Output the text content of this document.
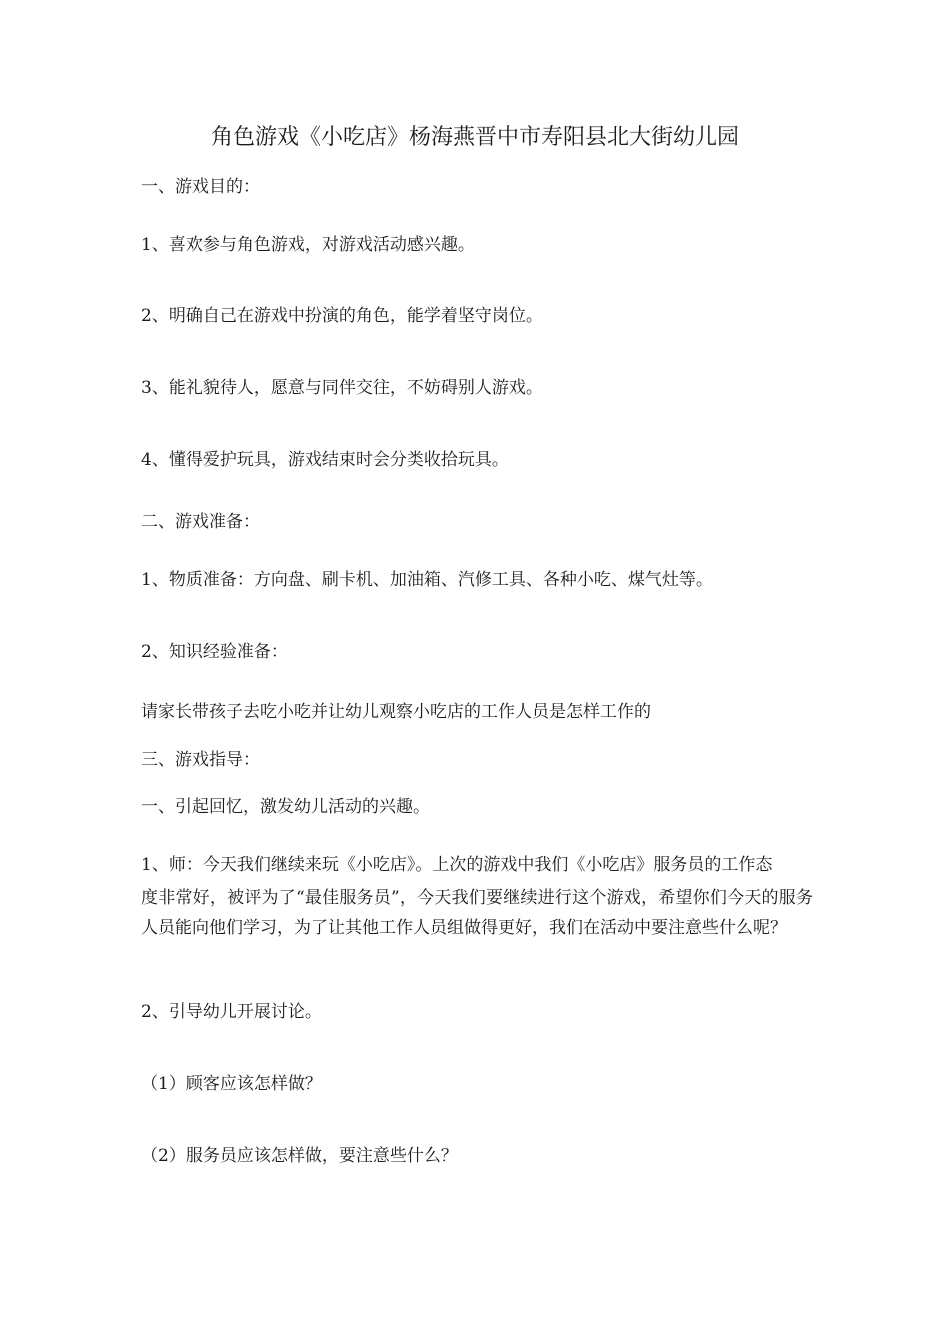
角色游戏《小吃店》杨海燕晋中市寿阳县北大街幼儿园
一、游戏目的：
1、喜欢参与角色游戏，对游戏活动感兴趣。
2、明确自己在游戏中扮演的角色，能学着坚守岗位。
3、能礼貌待人，愿意与同伴交往，不妨碍别人游戏。
4、懂得爱护玩具，游戏结束时会分类收拾玩具。
二、游戏准备：
1、物质准备：方向盘、刷卡机、加油箱、汽修工具、各种小吃、煤气灶等。
2、知识经验准备：
请家长带孩子去吃小吃并让幼儿观察小吃店的工作人员是怎样工作的
三、游戏指导：
一、引起回忆，激发幼儿活动的兴趣。
1、师：今天我们继续来玩《小吃店》。上次的游戏中我们《小吃店》服务员的工作态
度非常好，被评为了“最佳服务员”，今天我们要继续进行这个游戏，希望你们今天的服务人员能向他们学习，为了让其他工作人员组做得更好，我们在活动中要注意些什么呢？
2、引导幼儿开展讨论。
（1）顾客应该怎样做？
（2）服务员应该怎样做，要注意些什么？
